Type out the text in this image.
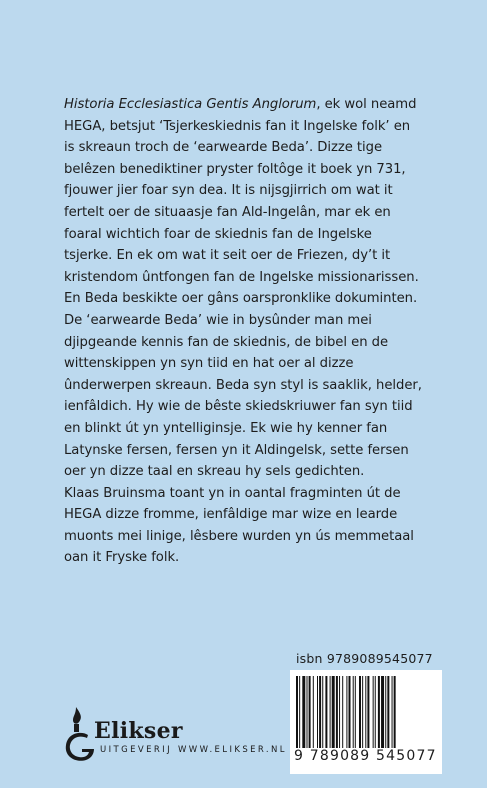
Historia Ecclesiastica Gentis Anglorum, ek wol neamd HEGA, betsjut ‘Tsjerkeskiednis fan it Ingelske folk’ en is skreaun troch de ‘earwearde Beda’. Dizze tige belêzen benediktiner pryster foltôge it boek yn 731, fjouwer jier foar syn dea. It is nijsgjirrich om wat it fertelt oer de situaasje fan Ald-Ingelân, mar ek en foaral wichtich foar de skiednis fan de Ingelske tsjerke. En ek om wat it seit oer de Friezen, dy’t it kristendom ûntfongen fan de Ingelske missionarissen. En Beda beskikte oer gâns oarspronklike dokuminten.

De ‘earwearde Beda’ wie in bysûnder man mei djipgeande kennis fan de skiednis, de bibel en de wittenskippen yn syn tiid en hat oer al dizze ûnderwerpen skreaun. Beda syn styl is saaklik, helder, ienfâldich. Hy wie de bêste skiedskriuwer fan syn tiid en blinkt út yn yntelliginsje. Ek wie hy kenner fan Latynske fersen, fersen yn it Aldingelsk, sette fersen oer yn dizze taal en skreau hy sels gedichten.

Klaas Bruinsma toant yn in oantal fragminten út de HEGA dizze fromme, ienfâldige mar wize en learde muonts mei linige, lêsbere wurden yn ús memmetaal oan it Fryske folk.

isbn 9789089545077
9 789089 545077
Elikser
UITGEVERIJ WWW.ELIKSER.NL
